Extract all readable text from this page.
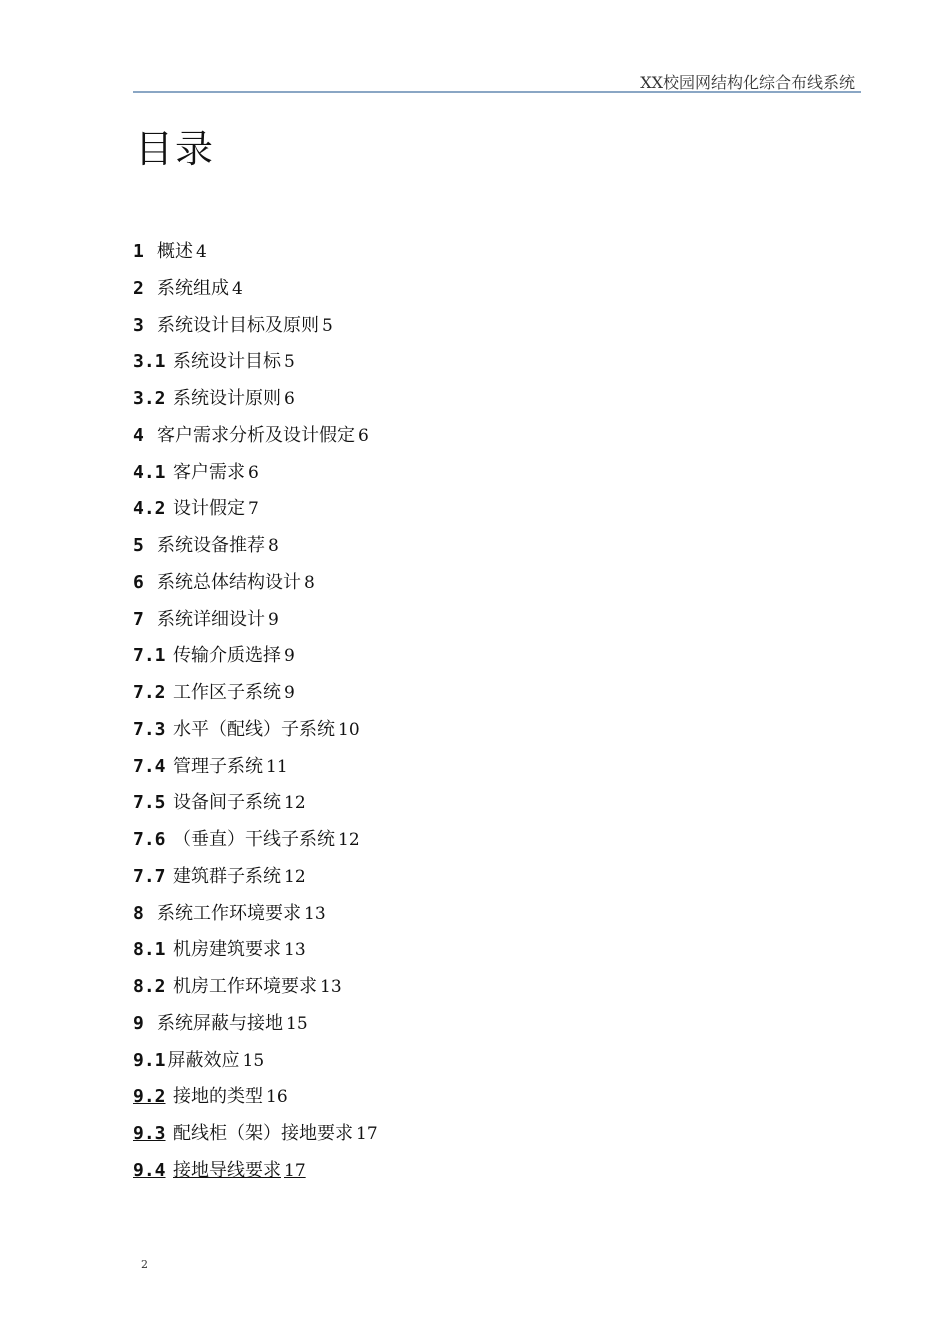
XX校园网结构化综合布线系统
目录
1 概述 4
2 系统组成 4
3 系统设计目标及原则 5
3.1 系统设计目标 5
3.2 系统设计原则 6
4 客户需求分析及设计假定 6
4.1 客户需求 6
4.2 设计假定 7
5 系统设备推荐 8
6 系统总体结构设计 8
7 系统详细设计 9
7.1 传输介质选择 9
7.2 工作区子系统 9
7.3 水平（配线）子系统 10
7.4 管理子系统 11
7.5 设备间子系统 12
7.6 （垂直）干线子系统 12
7.7 建筑群子系统 12
8 系统工作环境要求 13
8.1 机房建筑要求 13
8.2 机房工作环境要求 13
9 系统屏蔽与接地 15
9.1 屏蔽效应 15
9.2 接地的类型 16
9.3 配线柜（架）接地要求 17
9.4 接地导线要求 17
2
